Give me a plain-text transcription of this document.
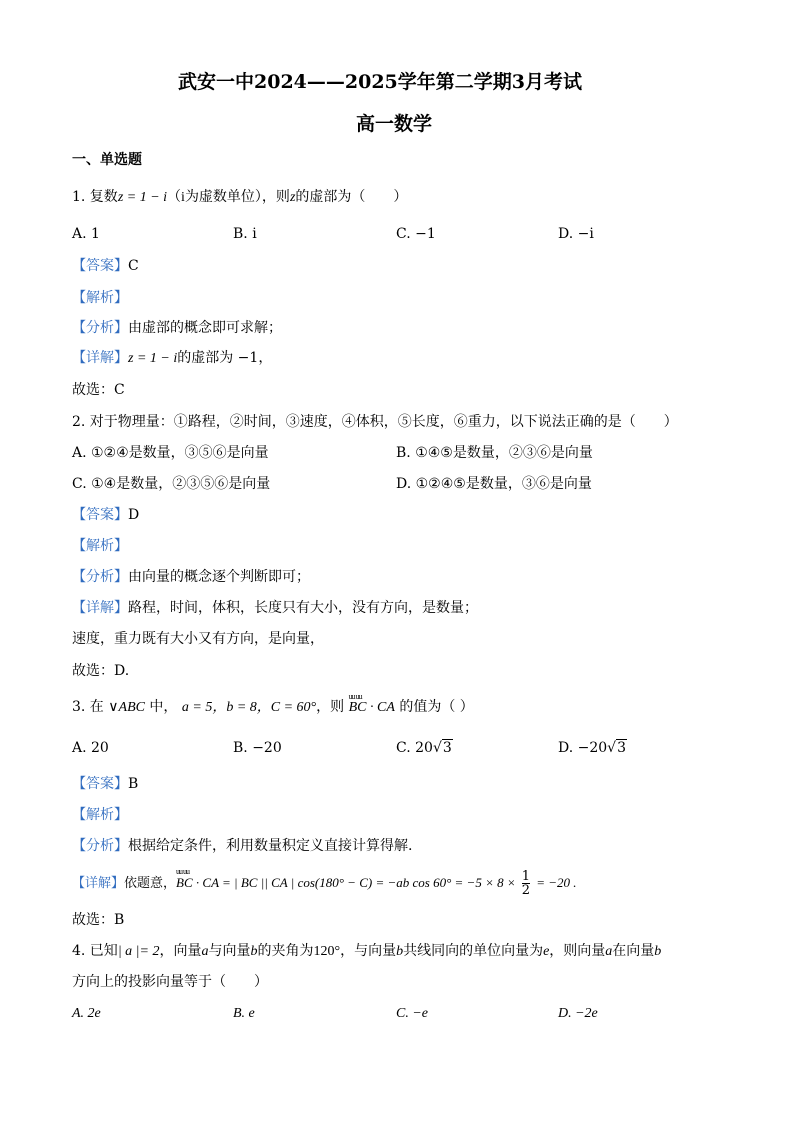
武安一中2024——2025学年第二学期3月考试
高一数学
一、单选题
1. 复数z = 1 − i（i为虚数单位），则z的虚部为（　　）
A. 1	B. i	C. −1	D. −i
【答案】C
【解析】
【分析】由虚部的概念即可求解；
【详解】z = 1 − i的虚部为 −1，
故选：C
2. 对于物理量：①路程，②时间，③速度，④体积，⑤长度，⑥重力，以下说法正确的是（　　）
A. ①②④是数量，③⑤⑥是向量	B. ①④⑤是数量，②③⑥是向量
C. ①④是数量，②③⑤⑥是向量	D. ①②④⑤是数量，③⑥是向量
【答案】D
【解析】
【分析】由向量的概念逐个判断即可；
【详解】路程，时间，体积，长度只有大小，没有方向，是数量；
速度，重力既有大小又有方向，是向量，
故选：D.
3. 在 ∨ABC 中， a = 5，b = 8，C = 60°，则 uu uu BC · CA 的值为（ ）
A. 20	B. −20	C. 20√3	D. −20√3
【答案】B
【解析】
【分析】根据给定条件，利用数量积定义直接计算得解.
【详解】依题意，uu uu BC · CA = | BC || CA | cos(180° − C) = −ab $\cos 60^\circ = -5 \times 8 \times \frac{1}{2} = -20$ .
故选：B
4. 已知| a |= 2，向量a与向量b的夹角为120°，与向量b共线同向的单位向量为e，则向量a在向量b
方向上的投影向量等于（　　）
A. 2e	B. e	C. −e	D. −2e
